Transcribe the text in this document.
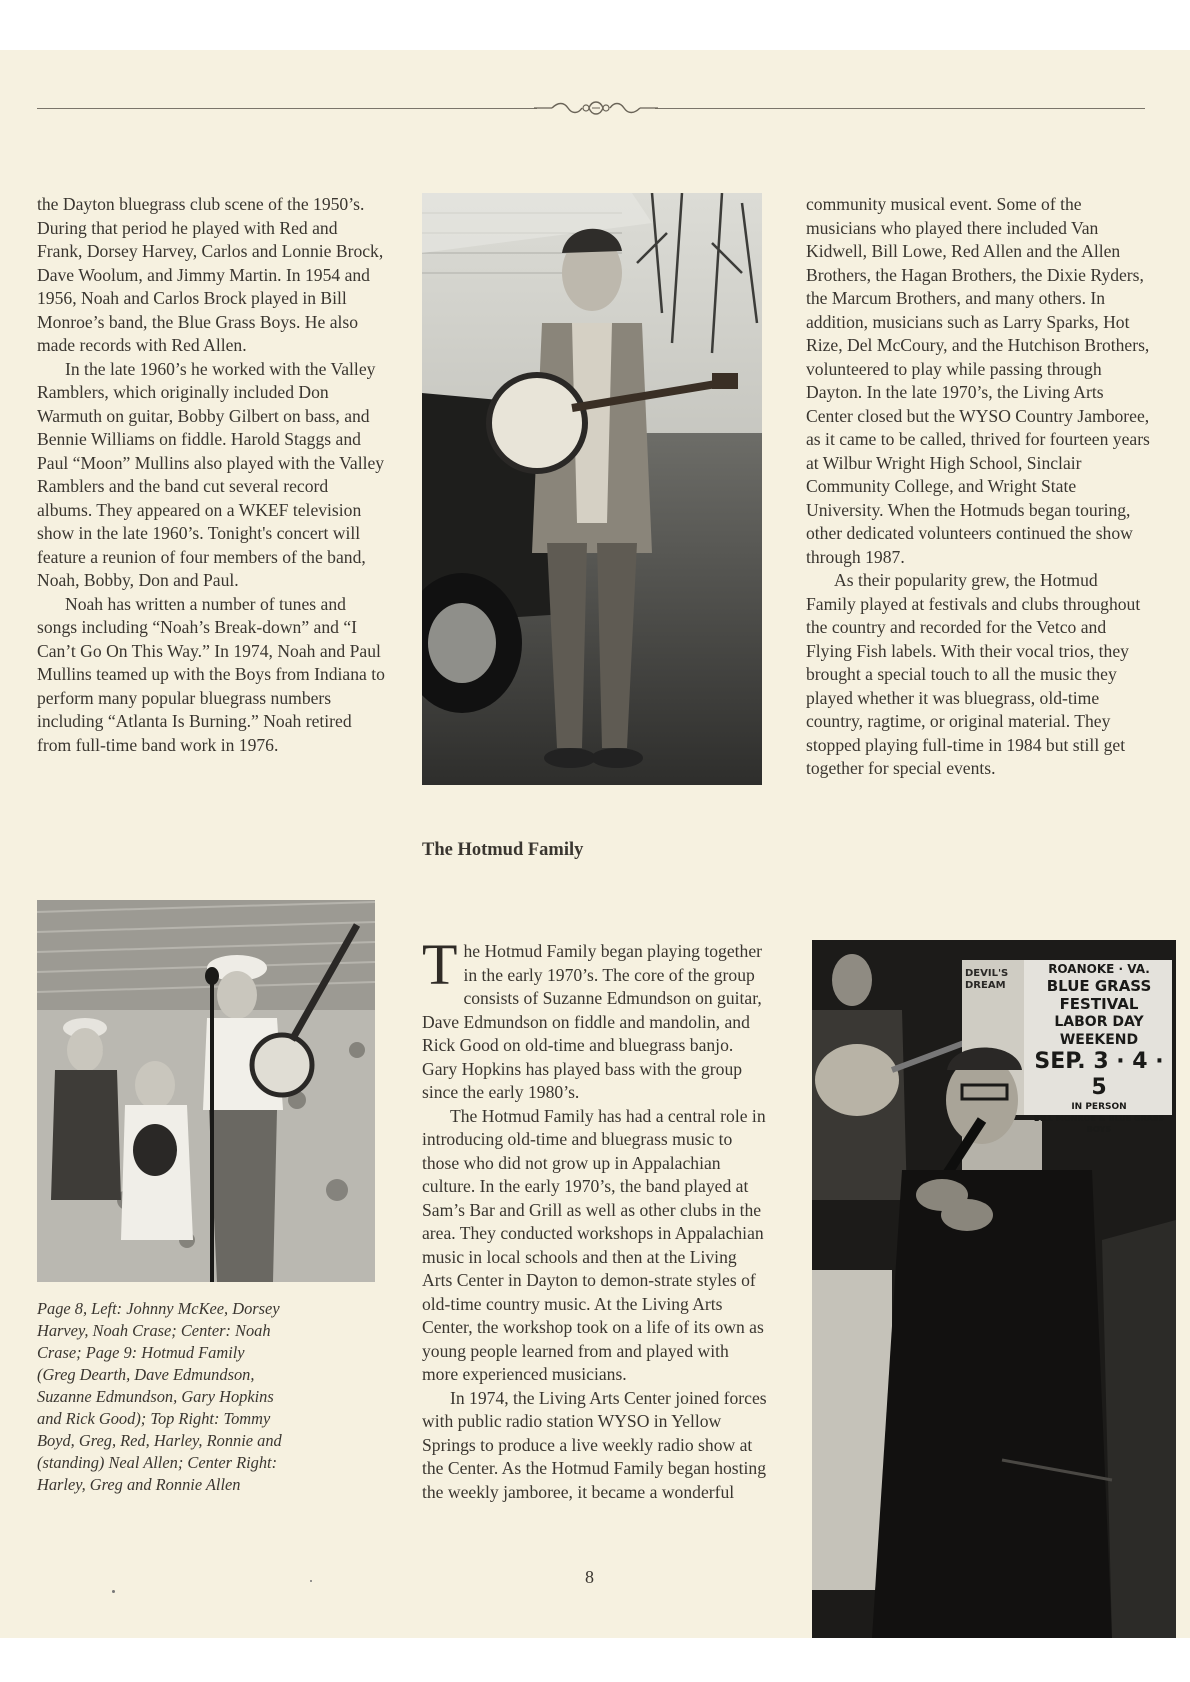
the Dayton bluegrass club scene of the 1950’s. During that period he played with Red and Frank, Dorsey Harvey, Carlos and Lonnie Brock, Dave Woolum, and Jimmy Martin. In 1954 and 1956, Noah and Carlos Brock played in Bill Monroe’s band, the Blue Grass Boys. He also made records with Red Allen.

In the late 1960’s he worked with the Valley Ramblers, which originally included Don Warmuth on guitar, Bobby Gilbert on bass, and Bennie Williams on fiddle. Harold Staggs and Paul “Moon” Mullins also played with the Valley Ramblers and the band cut several record albums. They appeared on a WKEF television show in the late 1960’s. Tonight's concert will feature a reunion of four members of the band, Noah, Bobby, Don and Paul.

Noah has written a number of tunes and songs including “Noah’s Break-down” and “I Can’t Go On This Way.” In 1974, Noah and Paul Mullins teamed up with the Boys from Indiana to perform many popular bluegrass numbers including “Atlanta Is Burning.” Noah retired from full-time band work in 1976.

The Hotmud Family

The Hotmud Family began playing together in the early 1970’s. The core of the group consists of Suzanne Edmundson on guitar, Dave Edmundson on fiddle and mandolin, and Rick Good on old-time and bluegrass banjo. Gary Hopkins has played bass with the group since the early 1980’s.

The Hotmud Family has had a central role in introducing old-time and bluegrass music to those who did not grow up in Appalachian culture. In the early 1970’s, the band played at Sam’s Bar and Grill as well as other clubs in the area. They conducted workshops in Appalachian music in local schools and then at the Living Arts Center in Dayton to demon-strate styles of old-time country music. At the Living Arts Center, the workshop took on a life of its own as young people learned from and played with more experienced musicians.

In 1974, the Living Arts Center joined forces with public radio station WYSO in Yellow Springs to produce a live weekly radio show at the Center. As the Hotmud Family began hosting the weekly jamboree, it became a wonderful

community musical event. Some of the musicians who played there included Van Kidwell, Bill Lowe, Red Allen and the Allen Brothers, the Hagan Brothers, the Dixie Ryders, the Marcum Brothers, and many others. In addition, musicians such as Larry Sparks, Hot Rize, Del McCoury, and the Hutchison Brothers, volunteered to play while passing through Dayton. In the late 1970’s, the Living Arts Center closed but the WYSO Country Jamboree, as it came to be called, thrived for fourteen years at Wilbur Wright High School, Sinclair Community College, and Wright State University. When the Hotmuds began touring, other dedicated volunteers continued the show through 1987.

As their popularity grew, the Hotmud Family played at festivals and clubs throughout the country and recorded for the Vetco and Flying Fish labels. With their vocal trios, they brought a special touch to all the music they played whether it was bluegrass, old-time country, ragtime, or original material. They stopped playing full-time in 1984 but still get together for special events.

Page 8, Left: Johnny McKee, Dorsey Harvey, Noah Crase; Center: Noah Crase; Page 9: Hotmud Family (Greg Dearth, Dave Edmundson, Suzanne Edmundson, Gary Hopkins and Rick Good); Top Right: Tommy Boyd, Greg, Red, Harley, Ronnie and (standing) Neal Allen; Center Right: Harley, Greg and Ronnie Allen
DEVIL'S DREAM
ROANOKE · VA.
BLUE GRASS FESTIVAL
LABOR DAY WEEKEND
SEP. 3 · 4 · 5
IN PERSON
BILL MONROE & BLUE GRASS BOYS
8
